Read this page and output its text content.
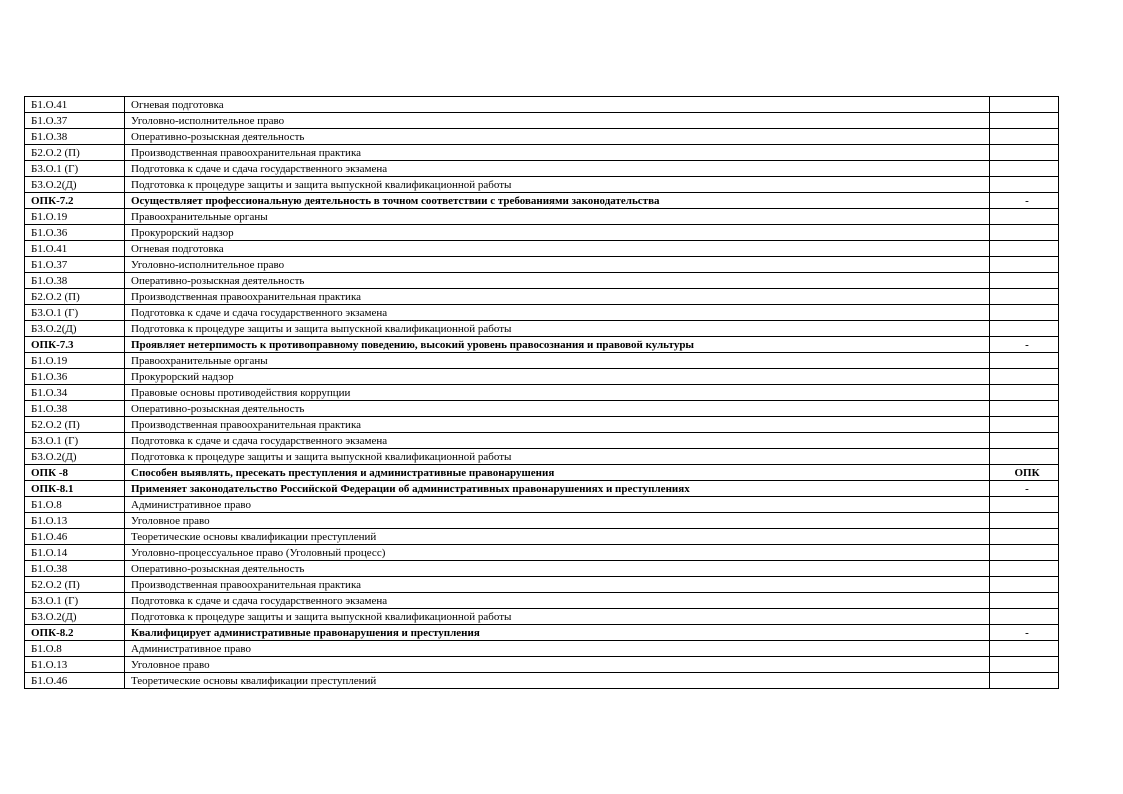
Б1.О.41	Огневая подготовка	
Б1.О.37	Уголовно-исполнительное право	
Б1.О.38	Оперативно-розыскная деятельность	
Б2.О.2 (П)	Производственная правоохранительная практика	
Б3.О.1 (Г)	Подготовка к сдаче и сдача государственного экзамена	
Б3.О.2(Д)	Подготовка к процедуре защиты и защита выпускной квалификационной работы	
ОПК-7.2	Осуществляет профессиональную деятельность в точном соответствии с требованиями законодательства	-
Б1.О.19	Правоохранительные органы	
Б1.О.36	Прокурорский надзор	
Б1.О.41	Огневая подготовка	
Б1.О.37	Уголовно-исполнительное право	
Б1.О.38	Оперативно-розыскная деятельность	
Б2.О.2 (П)	Производственная правоохранительная практика	
Б3.О.1 (Г)	Подготовка к сдаче и сдача государственного экзамена	
Б3.О.2(Д)	Подготовка к процедуре защиты и защита выпускной квалификационной работы	
ОПК-7.3	Проявляет нетерпимость к противоправному поведению, высокий уровень правосознания и правовой культуры	-
Б1.О.19	Правоохранительные органы	
Б1.О.36	Прокурорский надзор	
Б1.О.34	Правовые основы противодействия коррупции	
Б1.О.38	Оперативно-розыскная деятельность	
Б2.О.2 (П)	Производственная правоохранительная практика	
Б3.О.1 (Г)	Подготовка к сдаче и сдача государственного экзамена	
Б3.О.2(Д)	Подготовка к процедуре защиты и защита выпускной квалификационной работы	
ОПК -8	Способен выявлять, пресекать преступления и административные правонарушения	ОПК
ОПК-8.1	Применяет законодательство Российской Федерации об административных правонарушениях и преступлениях	-
Б1.О.8	Административное право	
Б1.О.13	Уголовное право	
Б1.О.46	Теоретические основы квалификации преступлений	
Б1.О.14	Уголовно-процессуальное право (Уголовный процесс)	
Б1.О.38	Оперативно-розыскная деятельность	
Б2.О.2 (П)	Производственная правоохранительная практика	
Б3.О.1 (Г)	Подготовка к сдаче и сдача государственного экзамена	
Б3.О.2(Д)	Подготовка к процедуре защиты и защита выпускной квалификационной работы	
ОПК-8.2	Квалифицирует административные правонарушения и преступления	-
Б1.О.8	Административное право	
Б1.О.13	Уголовное право	
Б1.О.46	Теоретические основы квалификации преступлений	
